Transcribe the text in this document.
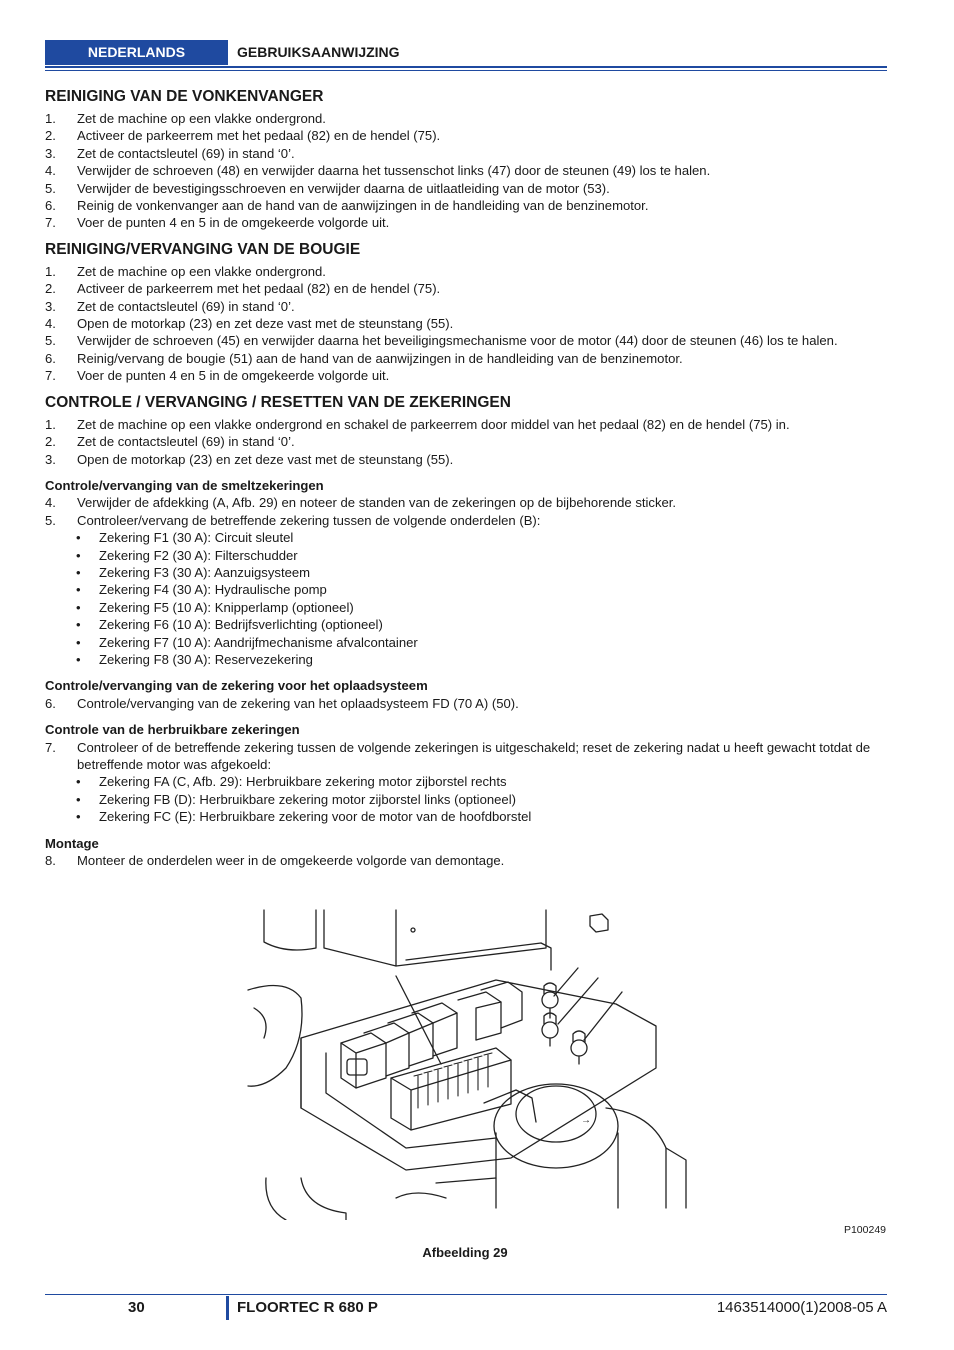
NEDERLANDS	GEBRUIKSAANWIJZING
REINIGING VAN DE VONKENVANGER
1. Zet de machine op een vlakke ondergrond.
2. Activeer de parkeerrem met het pedaal (82) en de hendel (75).
3. Zet de contactsleutel (69) in stand ‘0’.
4. Verwijder de schroeven (48) en verwijder daarna het tussenschot links (47) door de steunen (49) los te halen.
5. Verwijder de bevestigingsschroeven en verwijder daarna de uitlaatleiding van de motor (53).
6. Reinig de vonkenvanger aan de hand van de aanwijzingen in de handleiding van de benzinemotor.
7. Voer de punten 4 en 5 in de omgekeerde volgorde uit.
REINIGING/VERVANGING VAN DE BOUGIE
1. Zet de machine op een vlakke ondergrond.
2. Activeer de parkeerrem met het pedaal (82) en de hendel (75).
3. Zet de contactsleutel (69) in stand ‘0’.
4. Open de motorkap (23) en zet deze vast met de steunstang (55).
5. Verwijder de schroeven (45) en verwijder daarna het beveiligingsmechanisme voor de motor (44) door de steunen (46) los te halen.
6. Reinig/vervang de bougie (51) aan de hand van de aanwijzingen in de handleiding van de benzinemotor.
7. Voer de punten 4 en 5 in de omgekeerde volgorde uit.
CONTROLE / VERVANGING / RESETTEN VAN DE ZEKERINGEN
1. Zet de machine op een vlakke ondergrond en schakel de parkeerrem door middel van het pedaal (82) en de hendel (75) in.
2. Zet de contactsleutel (69) in stand ‘0’.
3. Open de motorkap (23) en zet deze vast met de steunstang (55).
Controle/vervanging van de smeltzekeringen
4. Verwijder de afdekking (A, Afb. 29) en noteer de standen van de zekeringen op de bijbehorende sticker.
5. Controleer/vervang de betreffende zekering tussen de volgende onderdelen (B):
• Zekering F1 (30 A): Circuit sleutel
• Zekering F2 (30 A): Filterschudder
• Zekering F3 (30 A): Aanzuigsysteem
• Zekering F4 (30 A): Hydraulische pomp
• Zekering F5 (10 A): Knipperlamp (optioneel)
• Zekering F6 (10 A): Bedrijfsverlichting (optioneel)
• Zekering F7 (10 A): Aandrijfmechanisme afvalcontainer
• Zekering F8 (30 A): Reservezekering
Controle/vervanging van de zekering voor het oplaadsysteem
6. Controle/vervanging van de zekering van het oplaadsysteem FD (70 A) (50).
Controle van de herbruikbare zekeringen
7. Controleer of de betreffende zekering tussen de volgende zekeringen is uitgeschakeld; reset de zekering nadat u heeft gewacht totdat de betreffende motor was afgekoeld:
• Zekering FA (C, Afb. 29): Herbruikbare zekering motor zijborstel rechts
• Zekering FB (D): Herbruikbare zekering motor zijborstel links (optioneel)
• Zekering FC (E): Herbruikbare zekering voor de motor van de hoofdborstel
Montage
8. Monteer de onderdelen weer in de omgekeerde volgorde van demontage.
→
P100249
Afbeelding 29
30	FLOORTEC R 680 P	1463514000(1)2008-05 A
